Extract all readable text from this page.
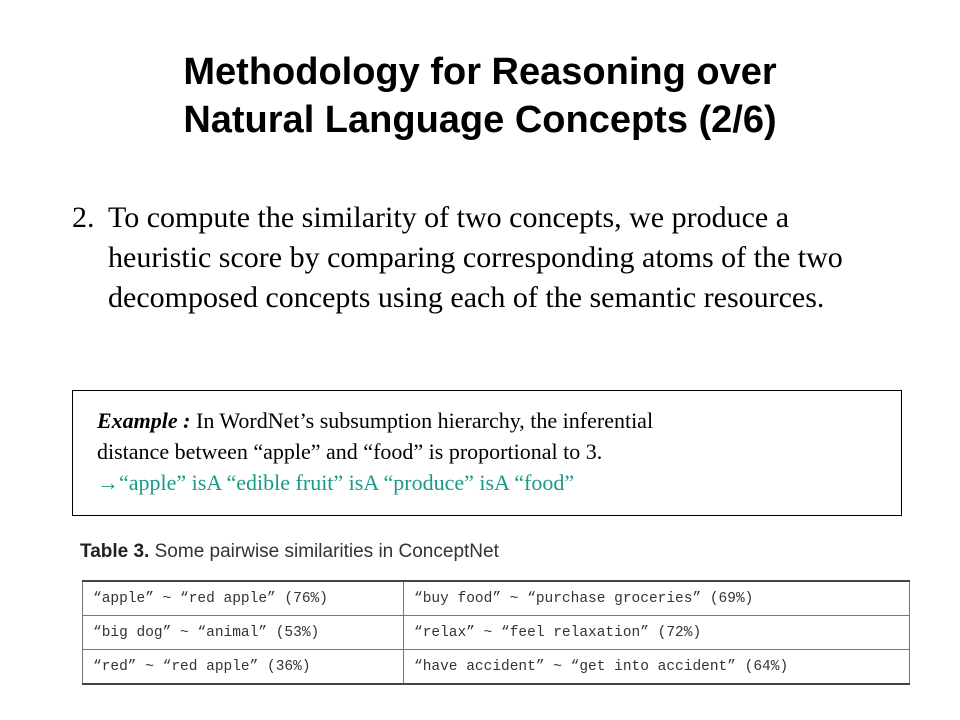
Methodology for Reasoning over
Natural Language Concepts (2/6)
2. To compute the similarity of two concepts, we produce a heuristic score by comparing corresponding atoms of the two decomposed concepts using each of the semantic resources.
Example : In WordNet’s subsumption hierarchy, the inferential
distance between “apple” and “food” is proportional to 3.
→“apple” isA “edible fruit” isA “produce” isA “food”
Table 3. Some pairwise similarities in ConceptNet
“apple” ~ “red apple” (76%)	“buy food” ~ “purchase groceries” (69%)
“big dog” ~ “animal” (53%)	“relax” ~ “feel relaxation” (72%)
“red” ~ “red apple” (36%)	“have accident” ~ “get into accident” (64%)
